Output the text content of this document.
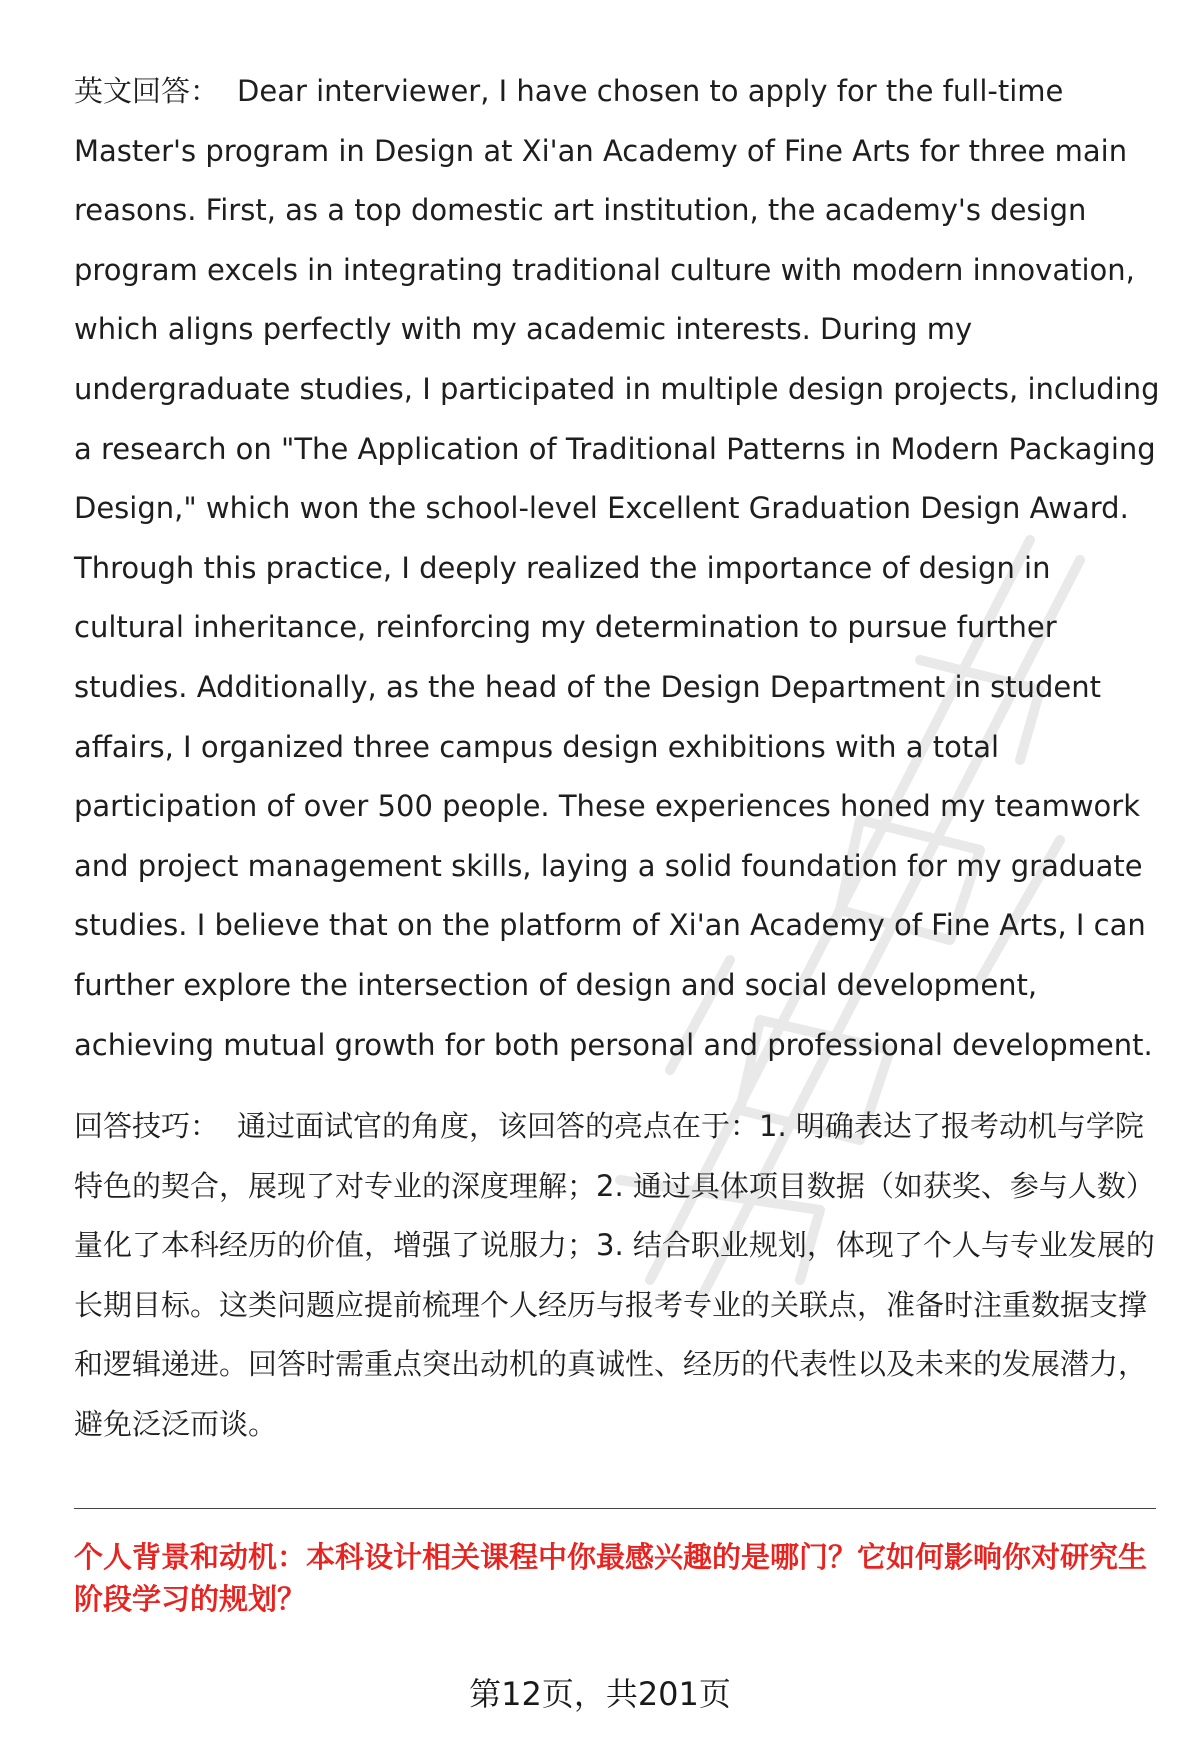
英文回答： Dear interviewer, I have chosen to apply for the full-time Master's program in Design at Xi'an Academy of Fine Arts for three main reasons. First, as a top domestic art institution, the academy's design program excels in integrating traditional culture with modern innovation, which aligns perfectly with my academic interests. During my undergraduate studies, I participated in multiple design projects, including a research on "The Application of Traditional Patterns in Modern Packaging Design," which won the school-level Excellent Graduation Design Award. Through this practice, I deeply realized the importance of design in cultural inheritance, reinforcing my determination to pursue further studies. Additionally, as the head of the Design Department in student affairs, I organized three campus design exhibitions with a total participation of over 500 people. These experiences honed my teamwork and project management skills, laying a solid foundation for my graduate studies. I believe that on the platform of Xi'an Academy of Fine Arts, I can further explore the intersection of design and social development, achieving mutual growth for both personal and professional development.

回答技巧： 通过面试官的角度，该回答的亮点在于：1. 明确表达了报考动机与学院特色的契合，展现了对专业的深度理解；2. 通过具体项目数据（如获奖、参与人数）量化了本科经历的价值，增强了说服力；3. 结合职业规划，体现了个人与专业发展的长期目标。这类问题应提前梳理个人经历与报考专业的关联点，准备时注重数据支撑和逻辑递进。回答时需重点突出动机的真诚性、经历的代表性以及未来的发展潜力，避免泛泛而谈。

个人背景和动机：本科设计相关课程中你最感兴趣的是哪门？它如何影响你对研究生阶段学习的规划？

第12页，共201页
